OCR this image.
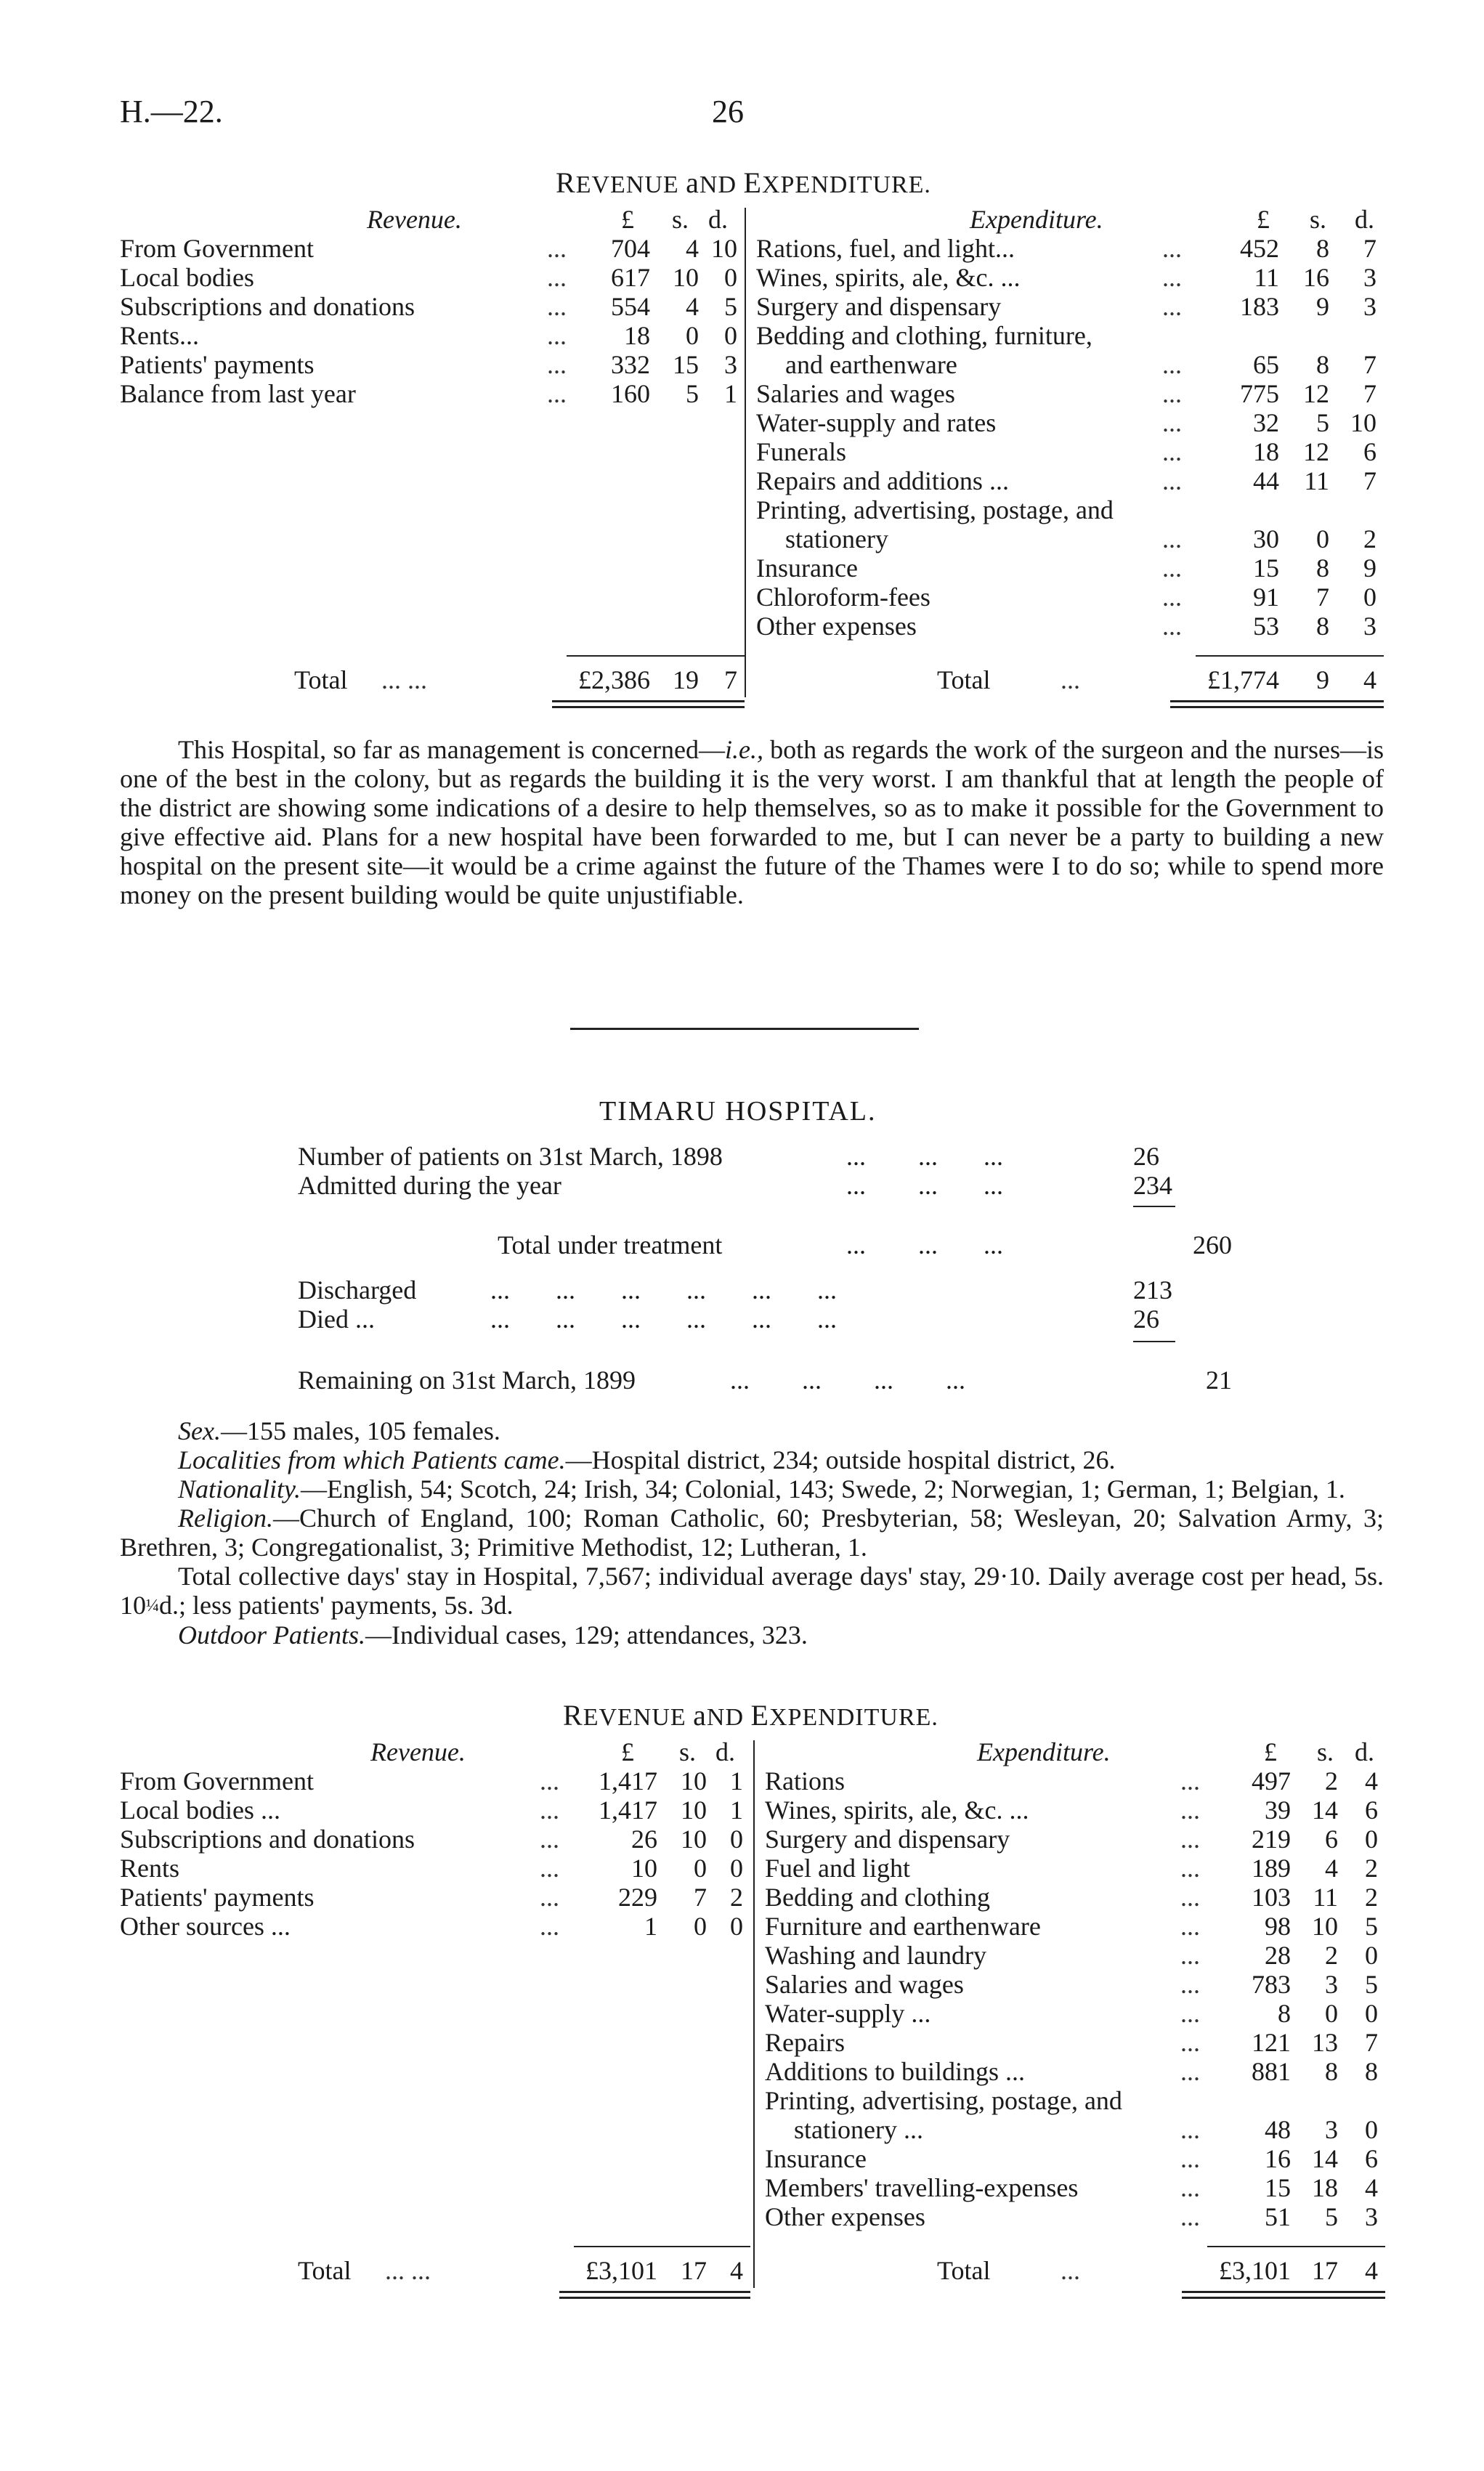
H.—22.	26
REVENUE aND EXPENDITURE.
Revenue.	£ s. d.	Expenditure.	£ s. d.
From Government	... 704 4 10
Local bodies	... 617 10 0
Subscriptions and donations	... 554 4 5
Rents...	... 18 0 0
Patients' payments	... 332 15 3
Balance from last year	... 160 5 1
Rations, fuel, and light...	... 452 8 7
Wines, spirits, ale, &c. ...	...	11 16 3
Surgery and dispensary	... 183 9 3
Bedding and clothing, furniture,
and earthenware	...	65 8 7
Salaries and wages	... 775 12 7
Water-supply and rates	...	32 5 10
Funerals	...	18 12 6
Repairs and additions ...	...	44 11 7
Printing, advertising, postage, and
stationery	...	30 0 2
Insurance	...	15 8 9
Chloroform-fees	...	91 7 0
Other expenses	...	53 8 3
Total ... ...	£2,386 19 7	Total	...	£1,774 9 4

This Hospital, so far as management is concerned—i.e., both as regards the work of the surgeon and the nurses—is one of the best in the colony, but as regards the building it is the very worst. I am thankful that at length the people of the district are showing some indications of a desire to help themselves, so as to make it possible for the Government to give effective aid. Plans for a new hospital have been forwarded to me, but I can never be a party to building a new hospital on the present site—it would be a crime against the future of the Thames were I to do so; while to spend more money on the present building would be quite unjustifiable.

TIMARU HOSPITAL.
Number of patients on 31st March, 1898	...        ...       ...	26
Admitted during the year	...        ...       ...	234
Total under treatment	...        ...       ...	260
Discharged	...       ...       ...       ...       ...       ...	213
Died ...	...       ...       ...       ...       ...       ...	26
Remaining on 31st March, 1899	...        ...        ...        ...	21

Sex.—155 males, 105 females.

Localities from which Patients came.—Hospital district, 234; outside hospital district, 26.

Nationality.—English, 54; Scotch, 24; Irish, 34; Colonial, 143; Swede, 2; Norwegian, 1; German, 1; Belgian, 1.

Religion.—Church of England, 100; Roman Catholic, 60; Presbyterian, 58; Wesleyan, 20; Salvation Army, 3; Brethren, 3; Congregationalist, 3; Primitive Methodist, 12; Lutheran, 1.

Total collective days' stay in Hospital, 7,567; individual average days' stay, 29·10. Daily average cost per head, 5s. 10¼d.; less patients' payments, 5s. 3d.

Outdoor Patients.—Individual cases, 129; attendances, 323.

REVENUE aND EXPENDITURE.
Revenue.	£ s. d.	Expenditure.	£ s. d.
From Government	... 1,417 10 1
Local bodies ...	... 1,417 10 1
Subscriptions and donations	...	26 10 0
Rents	...	10 0 0
Patients' payments	... 229 7 2
Other sources ...	...	1 0 0
Rations	... 497 2 4
Wines, spirits, ale, &c. ...	... 39 14 6
Surgery and dispensary	... 219 6 0
Fuel and light	... 189 4 2
Bedding and clothing	... 103 11 2
Furniture and earthenware	... 98 10 5
Washing and laundry	... 28 2 0
Salaries and wages	... 783 3 5
Water-supply ...	...	8 0 0
Repairs	... 121 13 7
Additions to buildings ...	... 881 8 8
Printing, advertising, postage, and
stationery ...	... 48 3 0
Insurance	... 16 14 6
Members' travelling-expenses	... 15 18 4
Other expenses	... 51 5 3
Total ... ...	£3,101 17 4	Total	...	£3,101 17 4
